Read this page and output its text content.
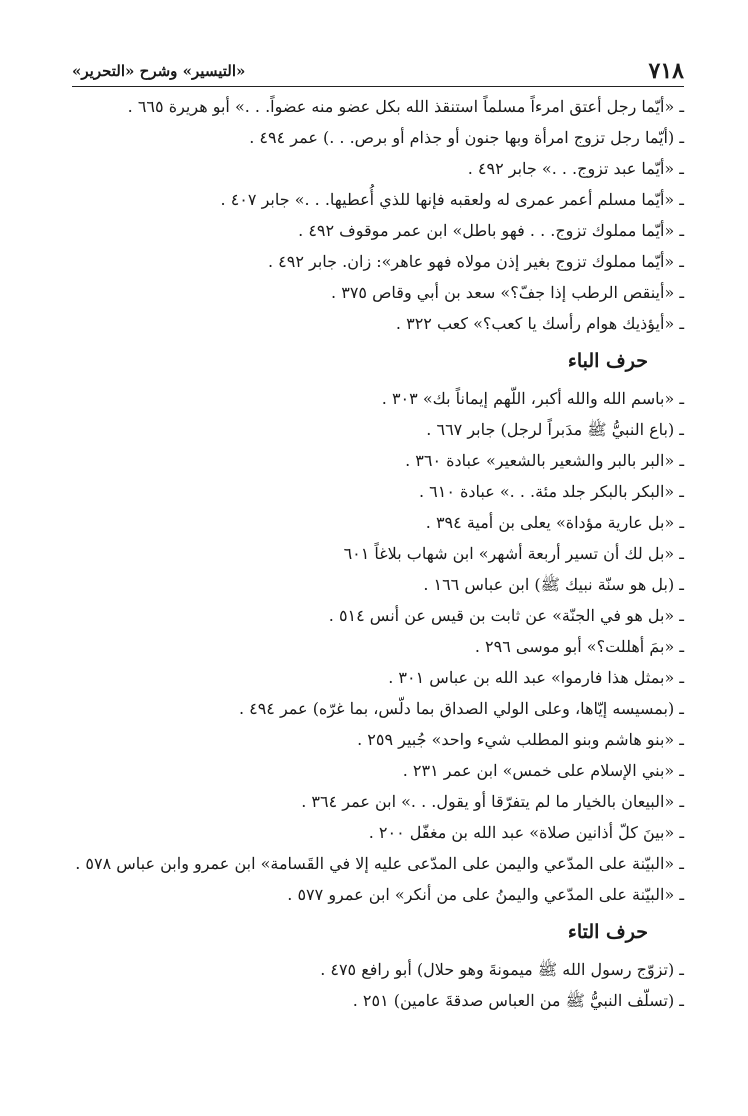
٧١٨
«التيسير» وشرح «التحرير»
ـ «أيّما رجل أعتق امرءاً مسلماً استنقذ الله بكل عضو منه عضواً. . .» أبو هريرة ٦٦٥ .
ـ (أيّما رجل تزوج امرأة وبها جنون أو جذام أو برص. . .) عمر ٤٩٤ .
ـ «أيّما عبد تزوج. . .» جابر ٤٩٢ .
ـ «أيّما مسلم أعمر عمرى له ولعقبه فإنها للذي أُعطيها. . .» جابر ٤٠٧ .
ـ «أيّما مملوك تزوج. . . فهو باطل» ابن عمر موقوف ٤٩٢ .
ـ «أيّما مملوك تزوج بغير إذن مولاه فهو عاهر»: زان. جابر ٤٩٢ .
ـ «أينقص الرطب إذا جفّ؟» سعد بن أبي وقاص ٣٧٥ .
ـ «أيؤذيك هوام رأسك يا كعب؟» كعب ٣٢٢ .
حرف الباء
ـ «باسم الله والله أكبر، اللّهم إيماناً بك» ٣٠٣ .
ـ (باع النبيُّ ﷺ مدَبراً لرجل) جابر ٦٦٧ .
ـ «البر بالبر والشعير بالشعير» عبادة ٣٦٠ .
ـ «البكر بالبكر جلد مئة. . .» عبادة ٦١٠ .
ـ «بل عارية مؤداة» يعلى بن أمية ٣٩٤ .
ـ «بل لك أن تسير أربعة أشهر» ابن شهاب بلاغاً ٦٠١
ـ (بل هو سنّة نبيك ﷺ) ابن عباس ١٦٦ .
ـ «بل هو في الجنّة» عن ثابت بن قيس عن أنس ٥١٤ .
ـ «بمَ أهللت؟» أبو موسى ٢٩٦ .
ـ «بمثل هذا فارموا» عبد الله بن عباس ٣٠١ .
ـ (بمسيسه إيّاها، وعلى الولي الصداق بما دلّس، بما غرّه) عمر ٤٩٤ .
ـ «بنو هاشم وبنو المطلب شيء واحد» جُبير ٢٥٩ .
ـ «بني الإسلام على خمس» ابن عمر ٢٣١ .
ـ «البيعان بالخيار ما لم يتفرّقا أو يقول. . .» ابن عمر ٣٦٤ .
ـ «بينَ كلّ أذانين صلاة» عبد الله بن مغفّل ٢٠٠ .
ـ «البيّنة على المدّعي واليمن على المدّعى عليه إلا في القَسامة» ابن عمرو وابن عباس ٥٧٨ .
ـ «البيّنة على المدّعي واليمنُ على من أنكر» ابن عمرو ٥٧٧ .
حرف التاء
ـ (تزوّج رسول الله ﷺ ميمونةَ وهو حلال) أبو رافع ٤٧٥ .
ـ (تسلّف النبيُّ ﷺ من العباس صدقةَ عامين) ٢٥١ .
